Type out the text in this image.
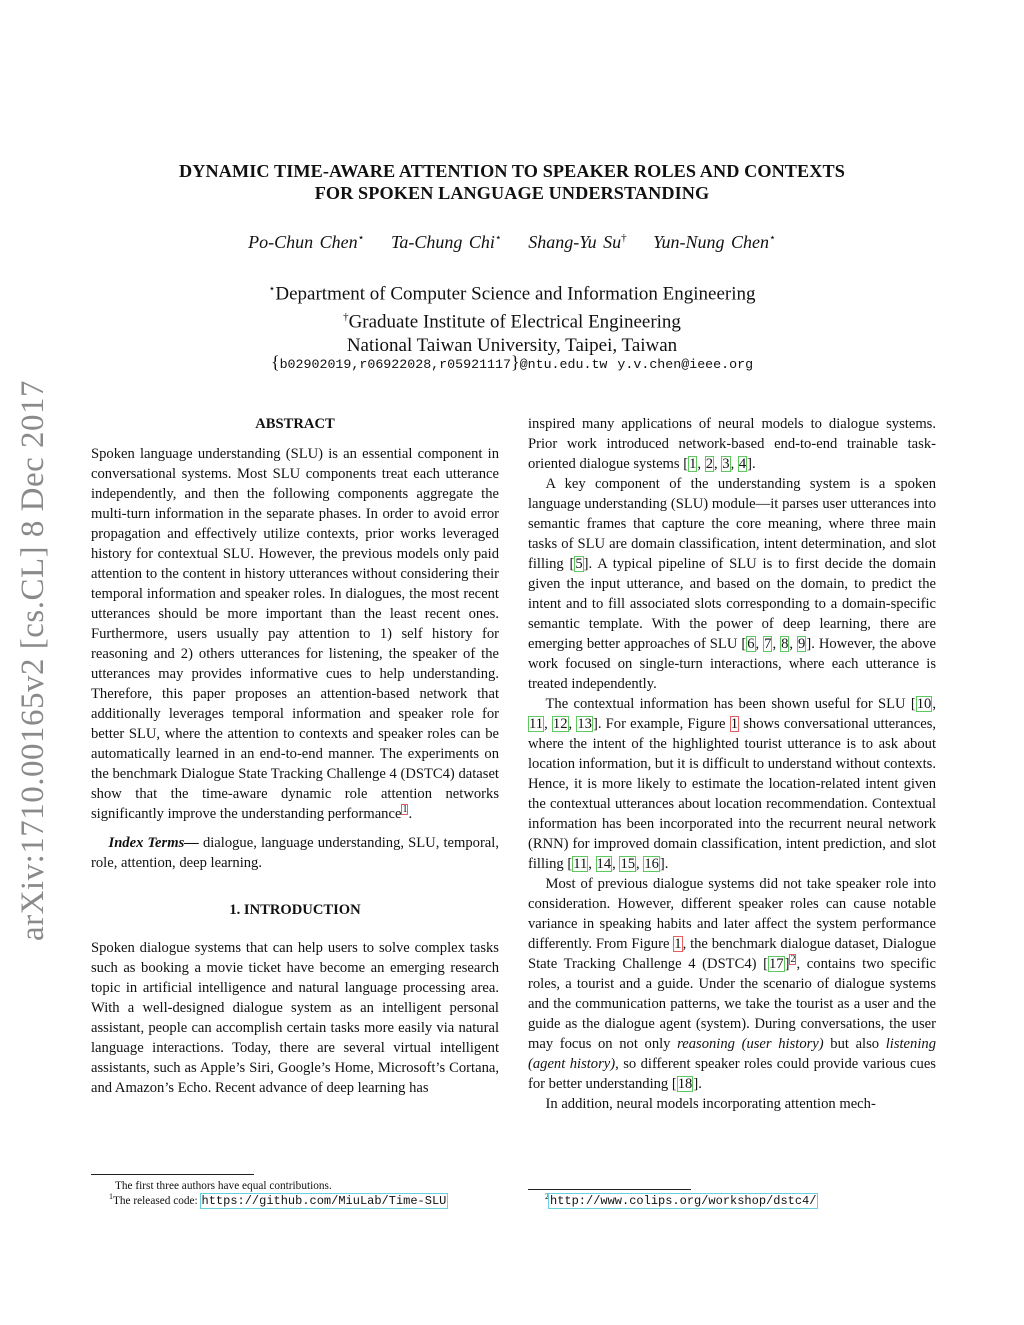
arXiv:1710.00165v2 [cs.CL] 8 Dec 2017
DYNAMIC TIME-AWARE ATTENTION TO SPEAKER ROLES AND CONTEXTS
FOR SPOKEN LANGUAGE UNDERSTANDING
Po-Chun Chen⋆ Ta-Chung Chi⋆ Shang-Yu Su† Yun-Nung Chen⋆
⋆Department of Computer Science and Information Engineering
†Graduate Institute of Electrical Engineering
National Taiwan University, Taipei, Taiwan
{b02902019,r06922028,r05921117}@ntu.edu.tw y.v.chen@ieee.org
ABSTRACT

Spoken language understanding (SLU) is an essential component in conversational systems. Most SLU components treat each utterance independently, and then the following components aggregate the multi-turn information in the separate phases. In order to avoid error propagation and effectively utilize contexts, prior works leveraged history for contextual SLU. However, the previous models only paid attention to the content in history utterances without considering their temporal information and speaker roles. In dialogues, the most recent utterances should be more important than the least recent ones. Furthermore, users usually pay attention to 1) self history for reasoning and 2) others utterances for listening, the speaker of the utterances may provides informative cues to help understanding. Therefore, this paper proposes an attention-based network that additionally leverages temporal information and speaker role for better SLU, where the attention to contexts and speaker roles can be automatically learned in an end-to-end manner. The experiments on the benchmark Dialogue State Tracking Challenge 4 (DSTC4) dataset show that the time-aware dynamic role attention networks significantly improve the understanding performance$^1$.

Index Terms— dialogue, language understanding, SLU, temporal, role, attention, deep learning.

1. INTRODUCTION

Spoken dialogue systems that can help users to solve complex tasks such as booking a movie ticket have become an emerging research topic in artificial intelligence and natural language processing area. With a well-designed dialogue system as an intelligent personal assistant, people can accomplish certain tasks more easily via natural language interactions. Today, there are several virtual intelligent assistants, such as Apple’s Siri, Google’s Home, Microsoft’s Cortana, and Amazon’s Echo. Recent advance of deep learning has

inspired many applications of neural models to dialogue systems. Prior work introduced network-based end-to-end trainable task-oriented dialogue systems [1, 2, 3, 4].

A key component of the understanding system is a spoken language understanding (SLU) module—it parses user utterances into semantic frames that capture the core meaning, where three main tasks of SLU are domain classification, intent determination, and slot filling [5]. A typical pipeline of SLU is to first decide the domain given the input utterance, and based on the domain, to predict the intent and to fill associated slots corresponding to a domain-specific semantic template. With the power of deep learning, there are emerging better approaches of SLU [6, 7, 8, 9]. However, the above work focused on single-turn interactions, where each utterance is treated independently.

The contextual information has been shown useful for SLU [10, 11, 12, 13]. For example, Figure 1 shows conversational utterances, where the intent of the highlighted tourist utterance is to ask about location information, but it is difficult to understand without contexts. Hence, it is more likely to estimate the location-related intent given the contextual utterances about location recommendation. Contextual information has been incorporated into the recurrent neural network (RNN) for improved domain classification, intent prediction, and slot filling [11, 14, 15, 16].

Most of previous dialogue systems did not take speaker role into consideration. However, different speaker roles can cause notable variance in speaking habits and later affect the system performance differently. From Figure 1, the benchmark dialogue dataset, Dialogue State Tracking Challenge 4 (DSTC4) [17]$^2$, contains two specific roles, a tourist and a guide. Under the scenario of dialogue systems and the communication patterns, we take the tourist as a user and the guide as the dialogue agent (system). During conversations, the user may focus on not only reasoning (user history) but also listening (agent history), so different speaker roles could provide various cues for better understanding [18].

In addition, neural models incorporating attention mech-

The first three authors have equal contributions.
$^1$The released code: https://github.com/MiuLab/Time-SLU	$^2$http://www.colips.org/workshop/dstc4/
